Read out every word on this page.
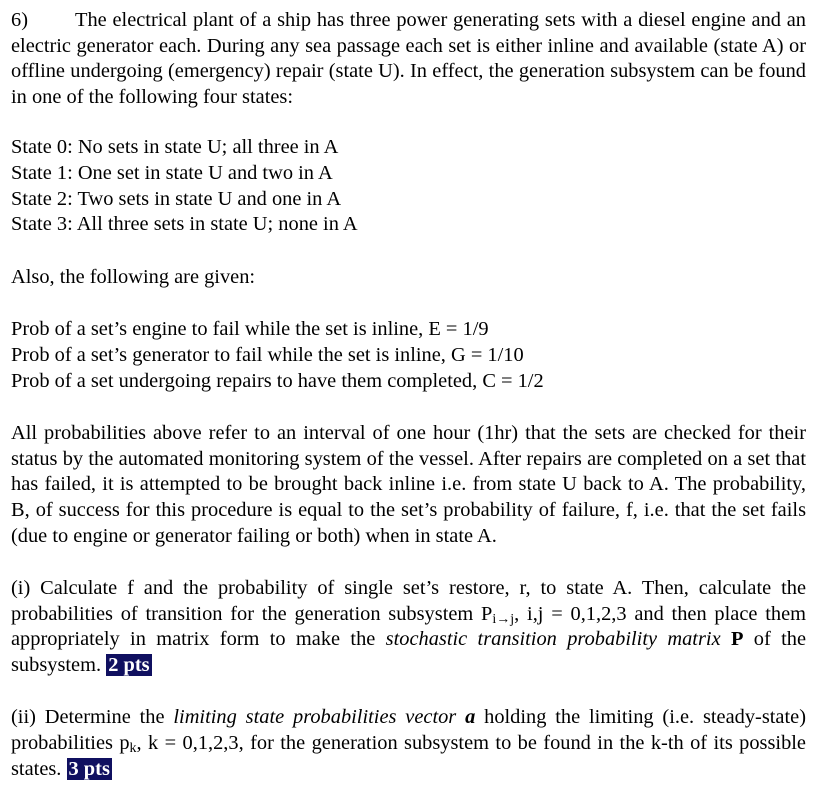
6) The electrical plant of a ship has three power generating sets with a diesel engine and an electric generator each. During any sea passage each set is either inline and available (state A) or offline undergoing (emergency) repair (state U). In effect, the generation subsystem can be found in one of the following four states:

State 0: No sets in state U; all three in A
State 1: One set in state U and two in A
State 2: Two sets in state U and one in A
State 3: All three sets in state U; none in A
Also, the following are given:
Prob of a set’s engine to fail while the set is inline, E = 1/9
Prob of a set’s generator to fail while the set is inline, G = 1/10
Prob of a set undergoing repairs to have them completed, C = 1/2

All probabilities above refer to an interval of one hour (1hr) that the sets are checked for their status by the automated monitoring system of the vessel. After repairs are completed on a set that has failed, it is attempted to be brought back inline i.e. from state U back to A. The probability, B, of success for this procedure is equal to the set’s probability of failure, f, i.e. that the set fails (due to engine or generator failing or both) when in state A.

(i) Calculate f and the probability of single set’s restore, r, to state A. Then, calculate the probabilities of transition for the generation subsystem $P_{i\to j}$, i,j = 0,1,2,3 and then place them appropriately in matrix form to make the stochastic transition probability matrix P of the subsystem. 2 pts

(ii) Determine the limiting state probabilities vector a holding the limiting (i.e. steady-state) probabilities $p_k$, k = 0,1,2,3, for the generation subsystem to be found in the k-th of its possible states. 3 pts
